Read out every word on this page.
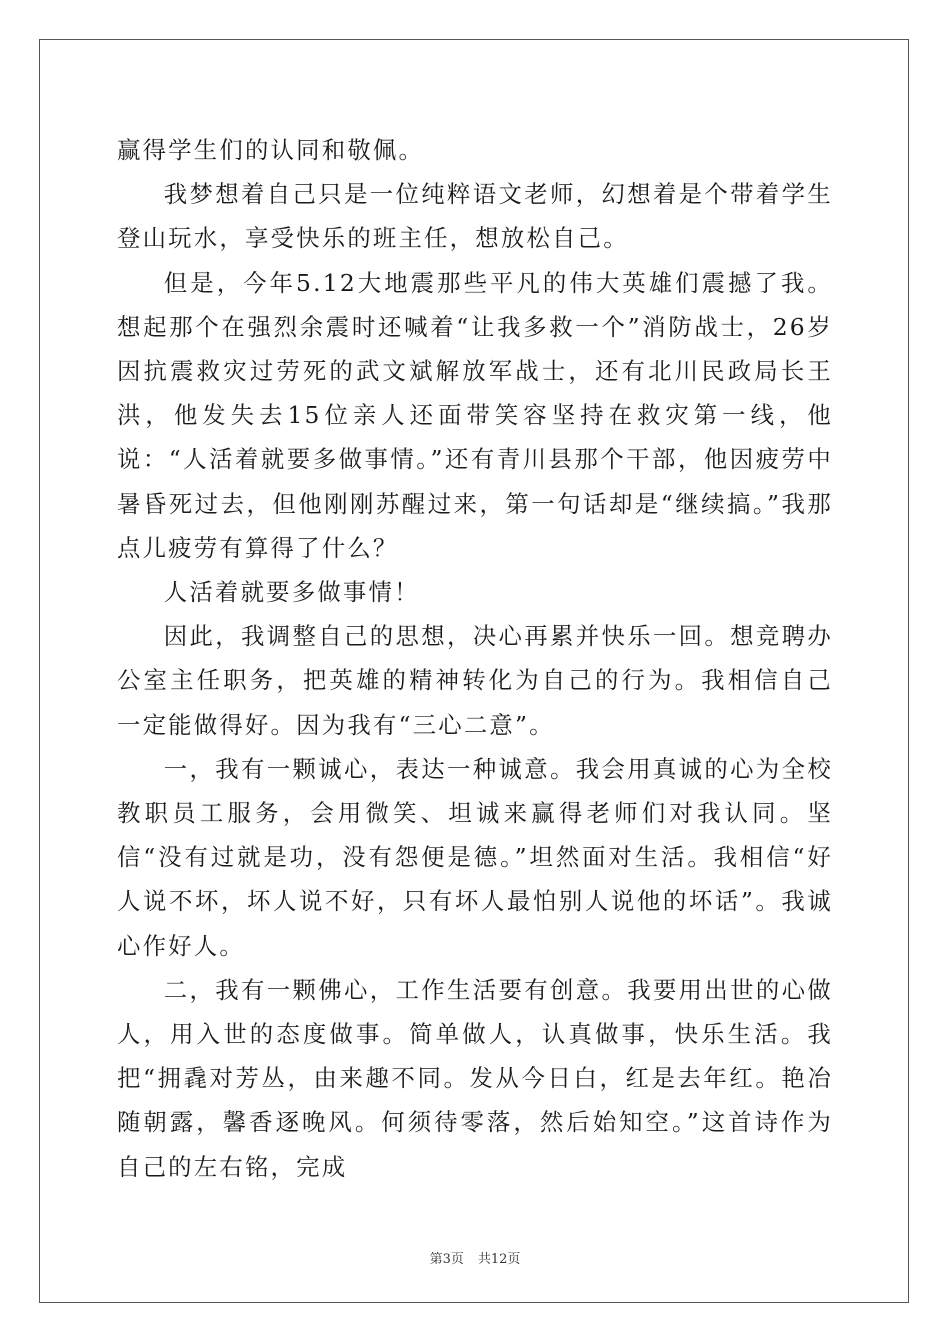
赢得学生们的认同和敬佩。

我梦想着自己只是一位纯粹语文老师，幻想着是个带着学生登山玩水，享受快乐的班主任，想放松自己。

但是，今年5.12大地震那些平凡的伟大英雄们震撼了我。想起那个在强烈余震时还喊着“让我多救一个”消防战士，26岁因抗震救灾过劳死的武文斌解放军战士，还有北川民政局长王洪，他发失去15位亲人还面带笑容坚持在救灾第一线，他说：“人活着就要多做事情。”还有青川县那个干部，他因疲劳中暑昏死过去，但他刚刚苏醒过来，第一句话却是“继续搞。”我那点儿疲劳有算得了什么？

人活着就要多做事情！

因此，我调整自己的思想，决心再累并快乐一回。想竞聘办公室主任职务，把英雄的精神转化为自己的行为。我相信自己一定能做得好。因为我有“三心二意”。

一，我有一颗诚心，表达一种诚意。我会用真诚的心为全校教职员工服务，会用微笑、坦诚来赢得老师们对我认同。坚信“没有过就是功，没有怨便是德。”坦然面对生活。我相信“好人说不坏，坏人说不好，只有坏人最怕别人说他的坏话”。我诚心作好人。

二，我有一颗佛心，工作生活要有创意。我要用出世的心做人，用入世的态度做事。简单做人，认真做事，快乐生活。我把“拥毳对芳丛，由来趣不同。发从今日白，红是去年红。艳冶随朝露，馨香逐晚风。何须待零落，然后始知空。”这首诗作为自己的左右铭，完成

第3页 共12页
